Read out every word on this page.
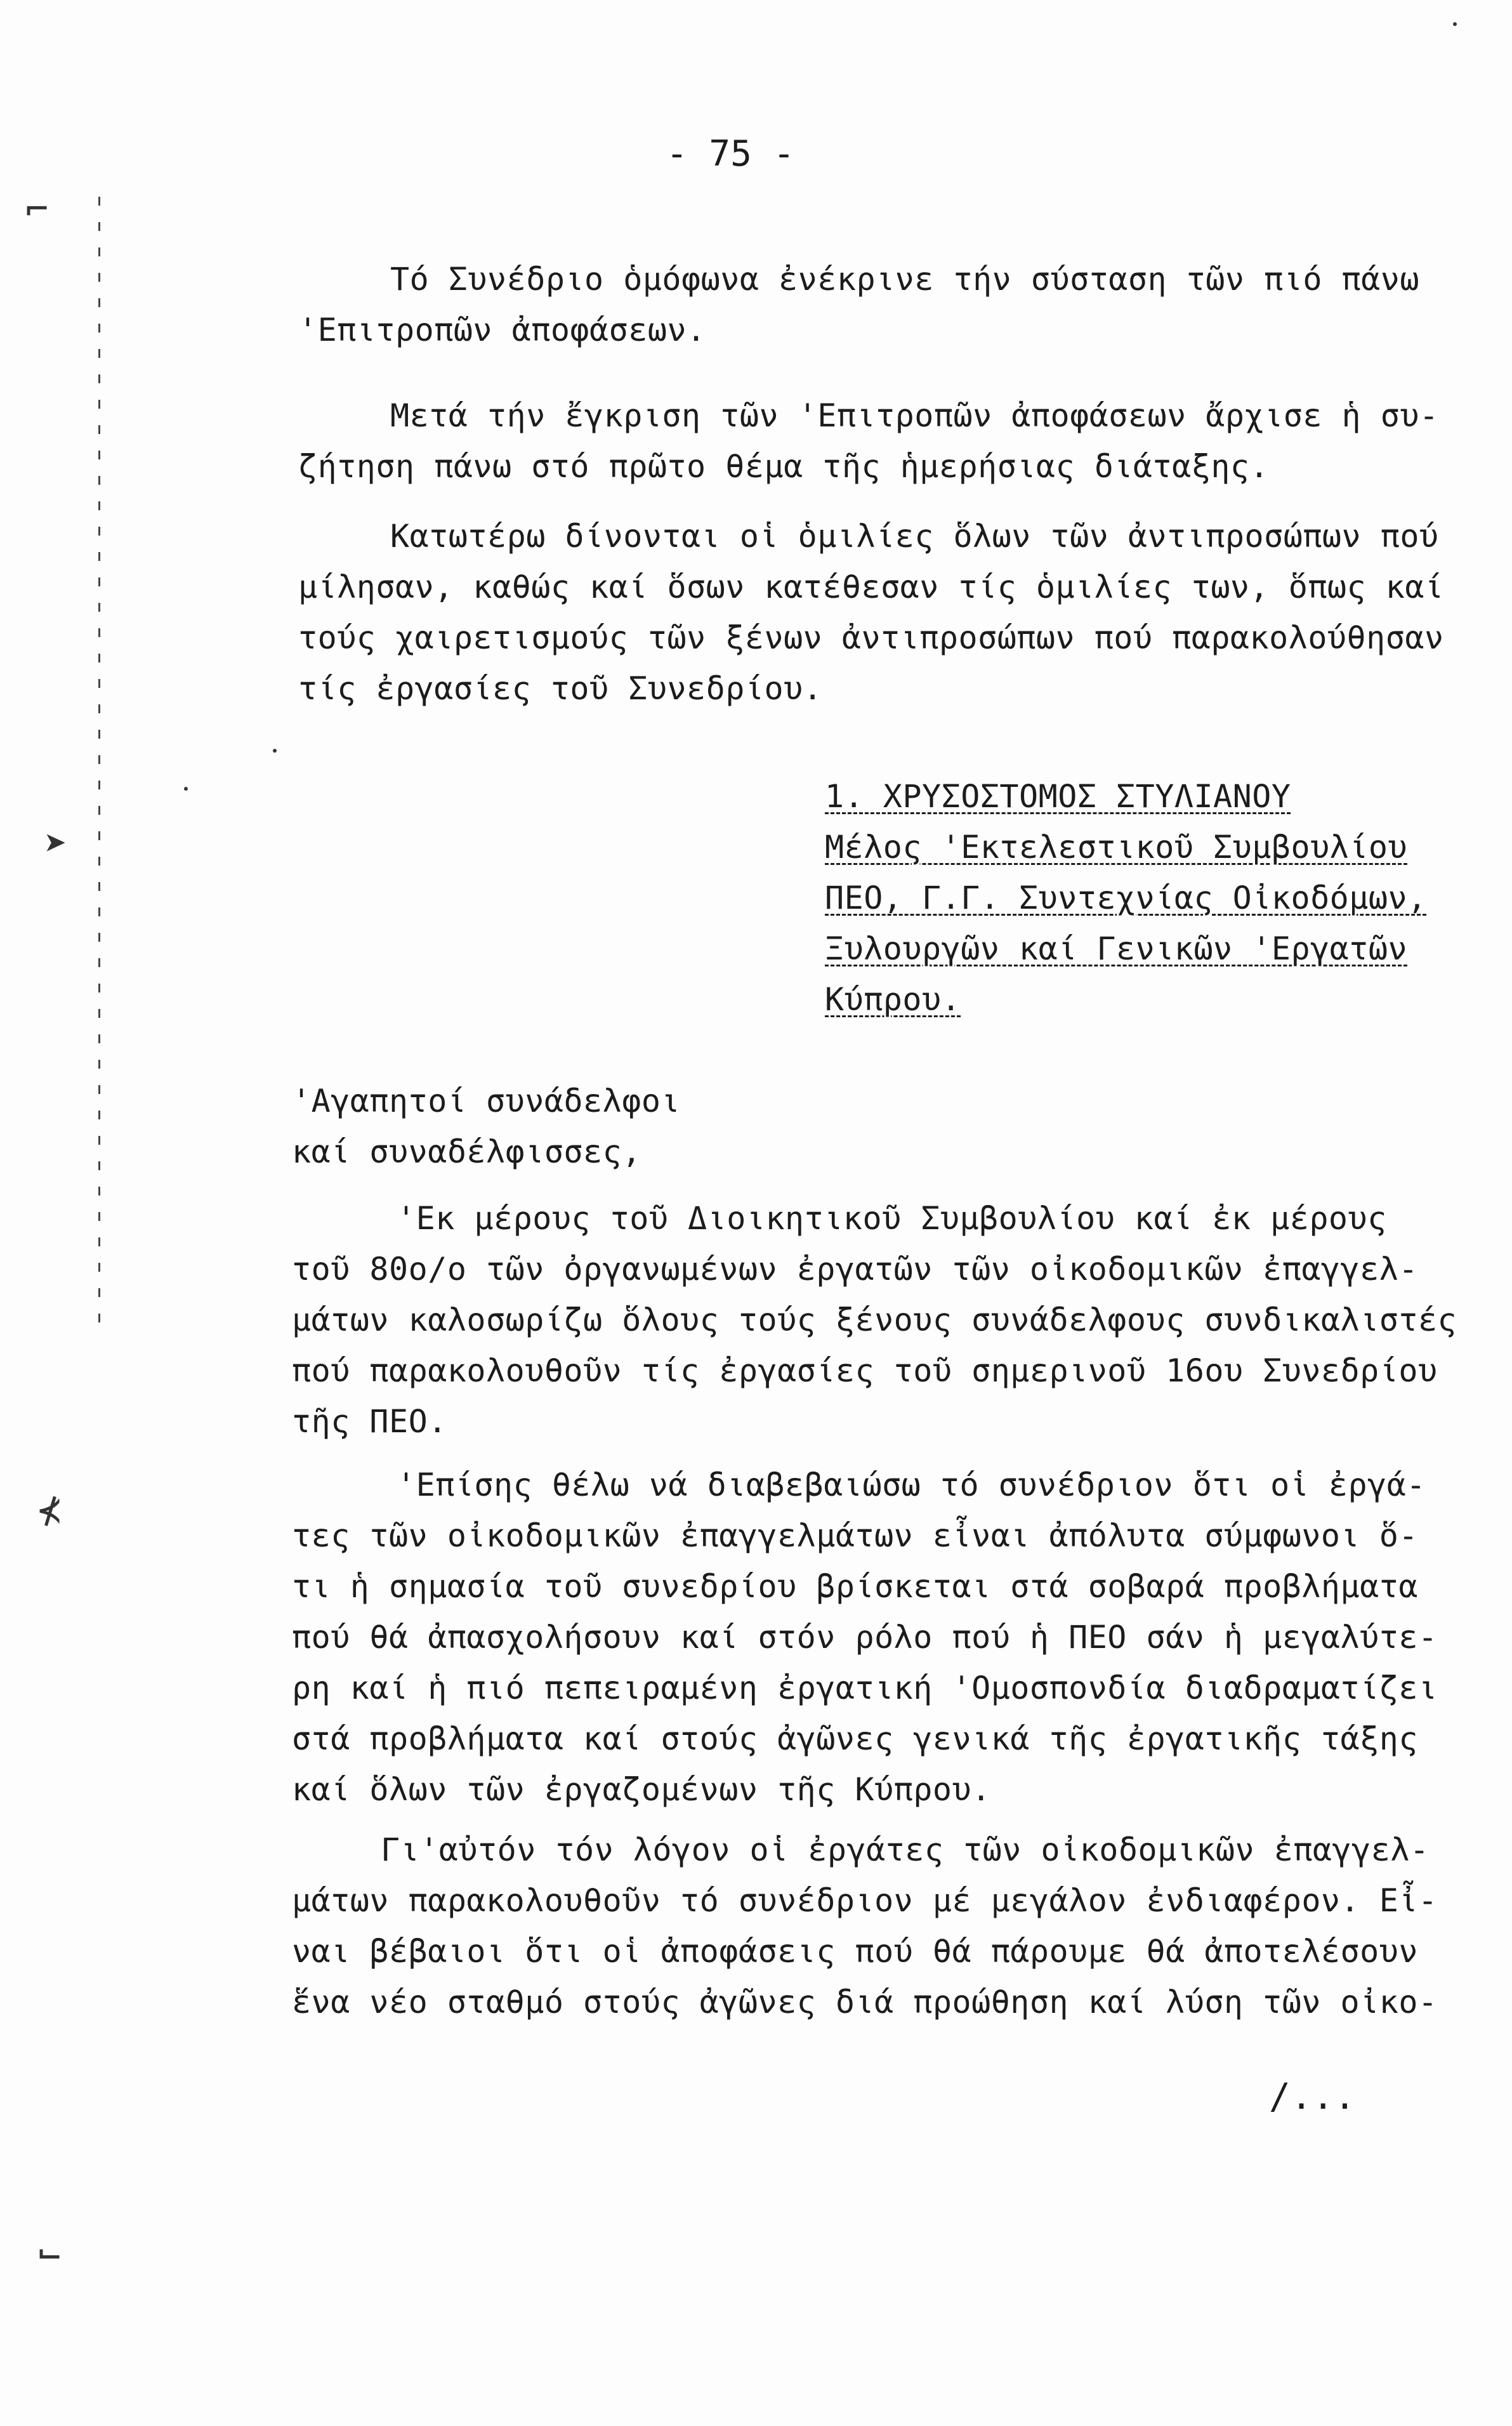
- 75 -
⌐
➤
⊀
⌙
Τό Συνέδριο ὁμόφωνα ἐνέκρινε τήν σύσταση τῶν πιό πάνω
'Επιτροπῶν ἀποφάσεων.
Μετά τήν ἔγκριση τῶν 'Επιτροπῶν ἀποφάσεων ἄρχισε ἡ συ-
ζήτηση πάνω στό πρῶτο θέμα τῆς ἡμερήσιας διάταξης.
Κατωτέρω δίνονται οἱ ὁμιλίες ὅλων τῶν ἀντιπροσώπων πού
μίλησαν, καθώς καί ὅσων κατέθεσαν τίς ὁμιλίες των, ὅπως καί
τούς χαιρετισμούς τῶν ξένων ἀντιπροσώπων πού παρακολούθησαν
τίς ἐργασίες τοῦ Συνεδρίου.
1. ΧΡΥΣΟΣΤΟΜΟΣ ΣΤΥΛΙΑΝΟΥ
Μέλος 'Εκτελεστικοῦ Συμβουλίου
ΠΕΟ, Γ.Γ. Συντεχνίας Οἰκοδόμων,
Ξυλουργῶν καί Γενικῶν 'Εργατῶν
Κύπρου.
'Αγαπητοί συνάδελφοι
καί συναδέλφισσες,
'Εκ μέρους τοῦ Διοικητικοῦ Συμβουλίου καί ἐκ μέρους
τοῦ 80ο/ο τῶν ὀργανωμένων ἐργατῶν τῶν οἰκοδομικῶν ἐπαγγελ-
μάτων καλοσωρίζω ὅλους τούς ξένους συνάδελφους συνδικαλιστές
πού παρακολουθοῦν τίς ἐργασίες τοῦ σημερινοῦ 16ου Συνεδρίου
τῆς ΠΕΟ.
'Επίσης θέλω νά διαβεβαιώσω τό συνέδριον ὅτι οἱ ἐργά-
τες τῶν οἰκοδομικῶν ἐπαγγελμάτων εἶναι ἀπόλυτα σύμφωνοι ὅ-
τι ἡ σημασία τοῦ συνεδρίου βρίσκεται στά σοβαρά προβλήματα
πού θά ἀπασχολήσουν καί στόν ρόλο πού ἡ ΠΕΟ σάν ἡ μεγαλύτε-
ρη καί ἡ πιό πεπειραμένη ἐργατική 'Ομοσπονδία διαδραματίζει
στά προβλήματα καί στούς ἀγῶνες γενικά τῆς ἐργατικῆς τάξης
καί ὅλων τῶν ἐργαζομένων τῆς Κύπρου.
Γι'αὐτόν τόν λόγον οἱ ἐργάτες τῶν οἰκοδομικῶν ἐπαγγελ-
μάτων παρακολουθοῦν τό συνέδριον μέ μεγάλον ἐνδιαφέρον. Εἶ-
ναι βέβαιοι ὅτι οἱ ἀποφάσεις πού θά πάρουμε θά ἀποτελέσουν
ἕνα νέο σταθμό στούς ἀγῶνες διά προώθηση καί λύση τῶν οἰκο-
/...
